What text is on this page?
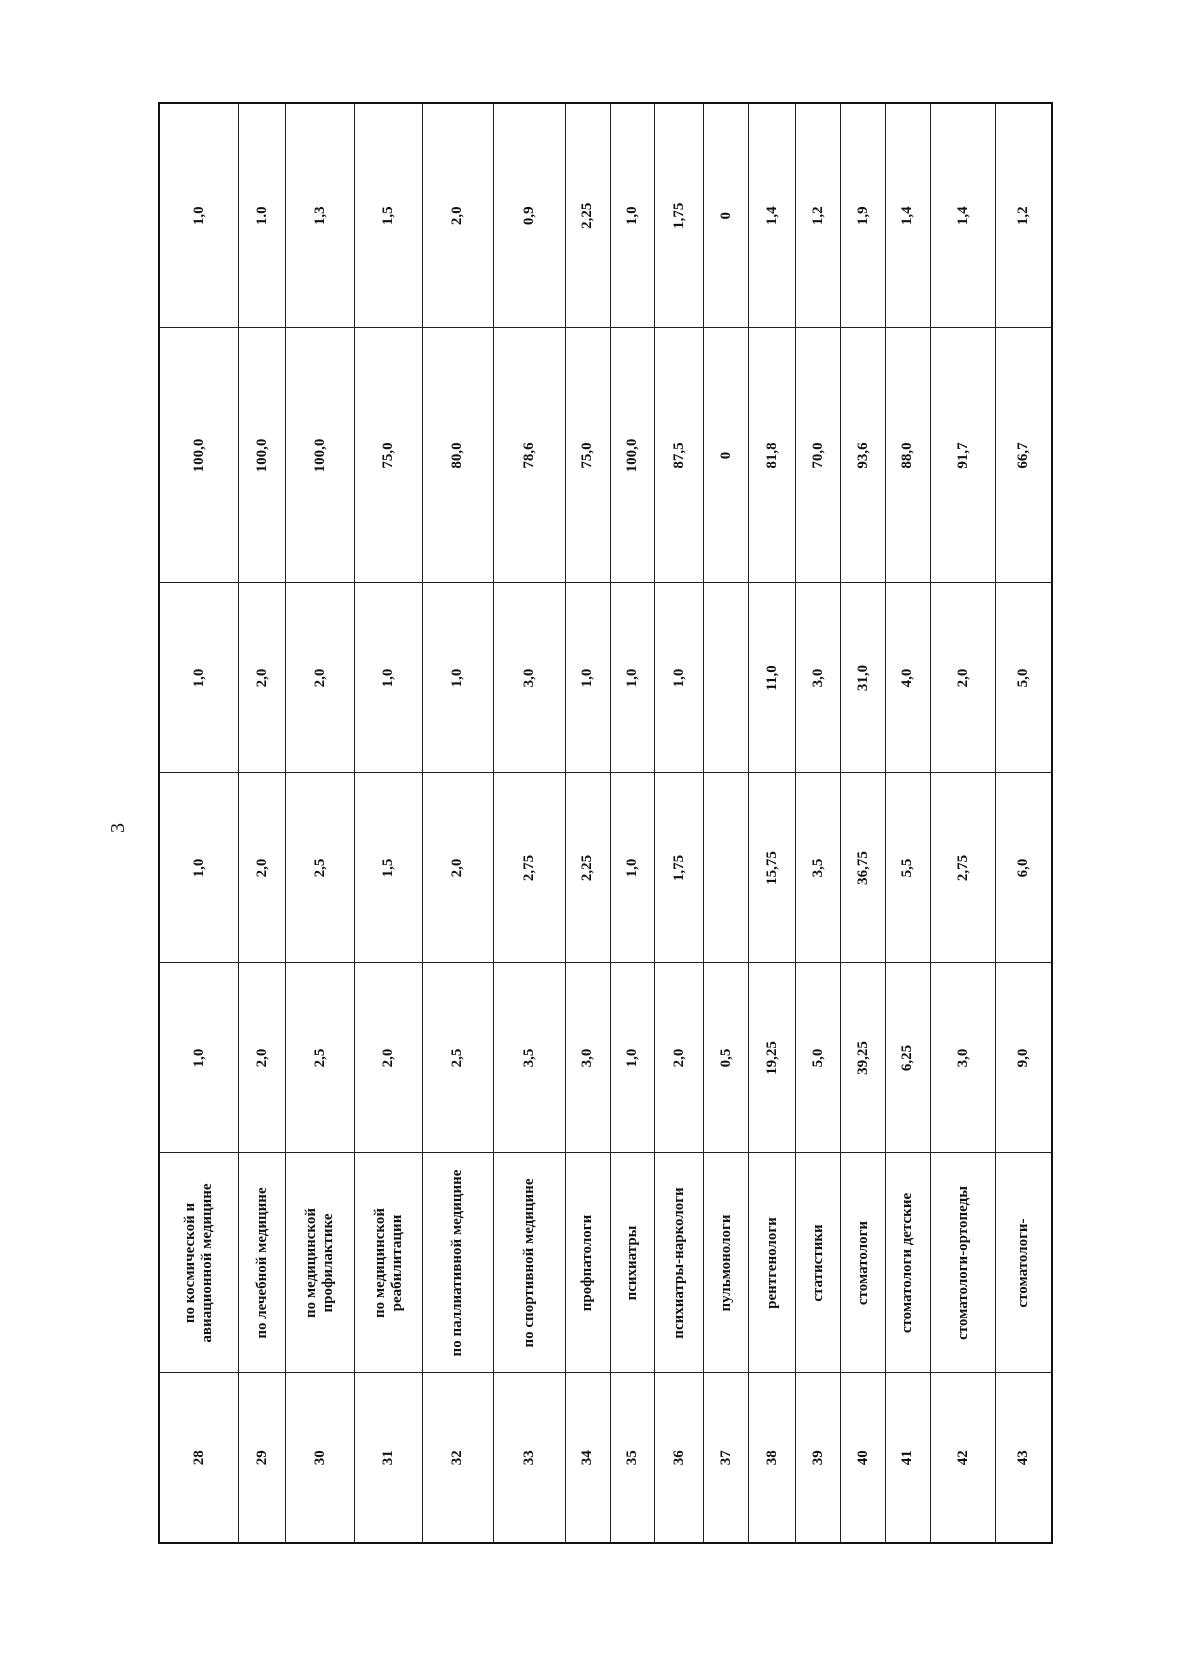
3
28	по космической и авиационной медицине	1,0	1,0	1,0	100,0	1,0
29	по лечебной медицине	2,0	2,0	2,0	100,0	1.0
30	по медицинской профилактике	2,5	2,5	2,0	100,0	1,3
31	по медицинской реабилитации	2,0	1,5	1,0	75,0	1,5
32	по паллиативной медицине	2,5	2,0	1,0	80,0	2,0
33	по спортивной медицине	3,5	2,75	3,0	78,6	0,9
34	профпатологи	3,0	2,25	1,0	75,0	2,25
35	психиатры	1,0	1,0	1,0	100,0	1,0
36	психиатры-наркологи	2,0	1,75	1,0	87,5	1,75
37	пульмонологи	0,5			0	0
38	рентгенологи	19,25	15,75	11,0	81,8	1,4
39	статистики	5,0	3,5	3,0	70,0	1,2
40	стоматологи	39,25	36,75	31,0	93,6	1,9
41	стоматологи детские	6,25	5,5	4,0	88,0	1,4
42	стоматологи-ортопеды	3,0	2,75	2,0	91,7	1,4
43	стоматологи-	9,0	6,0	5,0	66,7	1,2
